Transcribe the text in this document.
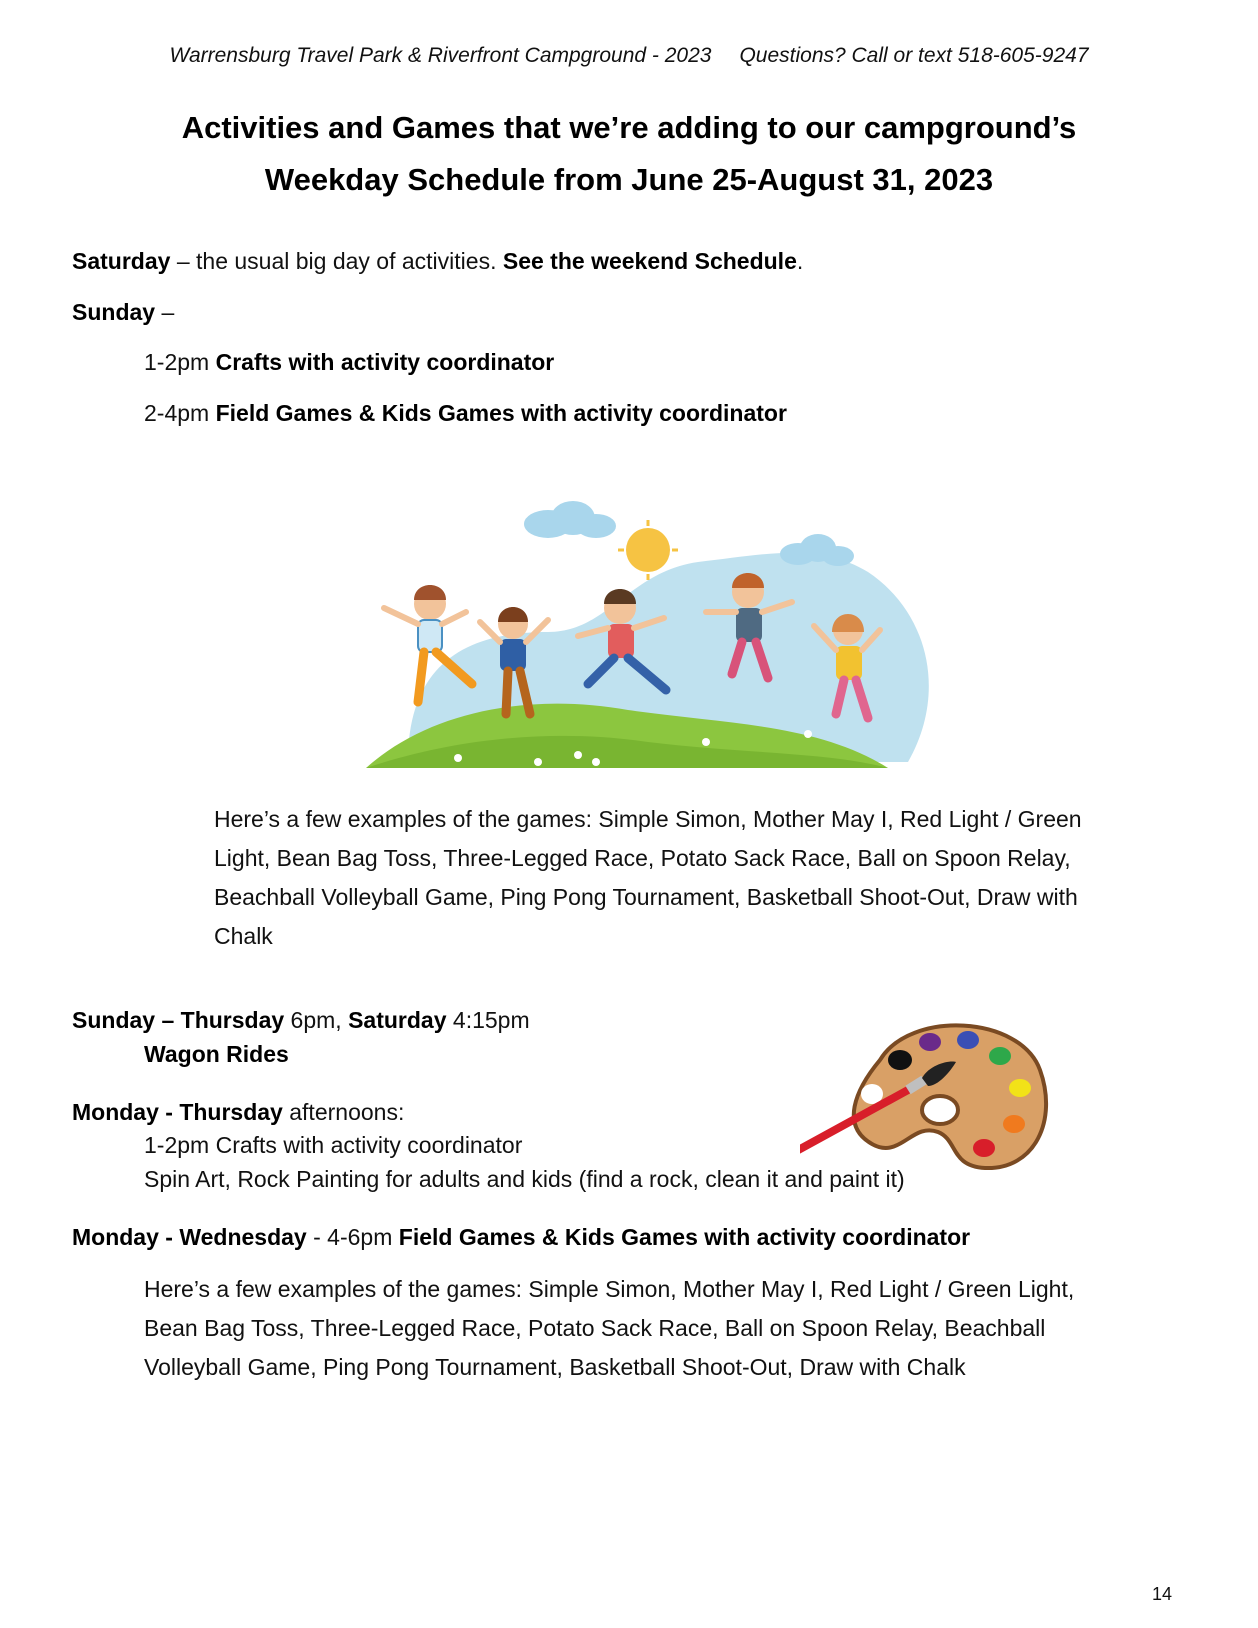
Warrensburg Travel Park & Riverfront Campground - 2023 Questions? Call or text 518-605-9247
Activities and Games that we’re adding to our campground’s
Weekday Schedule from June 25-August 31, 2023
Saturday – the usual big day of activities. See the weekend Schedule.
Sunday –
1-2pm Crafts with activity coordinator
2-4pm Field Games & Kids Games with activity coordinator
Here’s a few examples of the games: Simple Simon, Mother May I, Red Light / Green Light, Bean Bag Toss, Three-Legged Race, Potato Sack Race, Ball on Spoon Relay, Beachball Volleyball Game, Ping Pong Tournament, Basketball Shoot-Out, Draw with Chalk
Sunday – Thursday 6pm, Saturday 4:15pm
Wagon Rides
Monday - Thursday afternoons:
1-2pm Crafts with activity coordinator
Spin Art, Rock Painting for adults and kids (find a rock, clean it and paint it)
Monday - Wednesday - 4-6pm Field Games & Kids Games with activity coordinator
Here’s a few examples of the games: Simple Simon, Mother May I, Red Light / Green Light, Bean Bag Toss, Three-Legged Race, Potato Sack Race, Ball on Spoon Relay, Beachball Volleyball Game, Ping Pong Tournament, Basketball Shoot-Out, Draw with Chalk
14
